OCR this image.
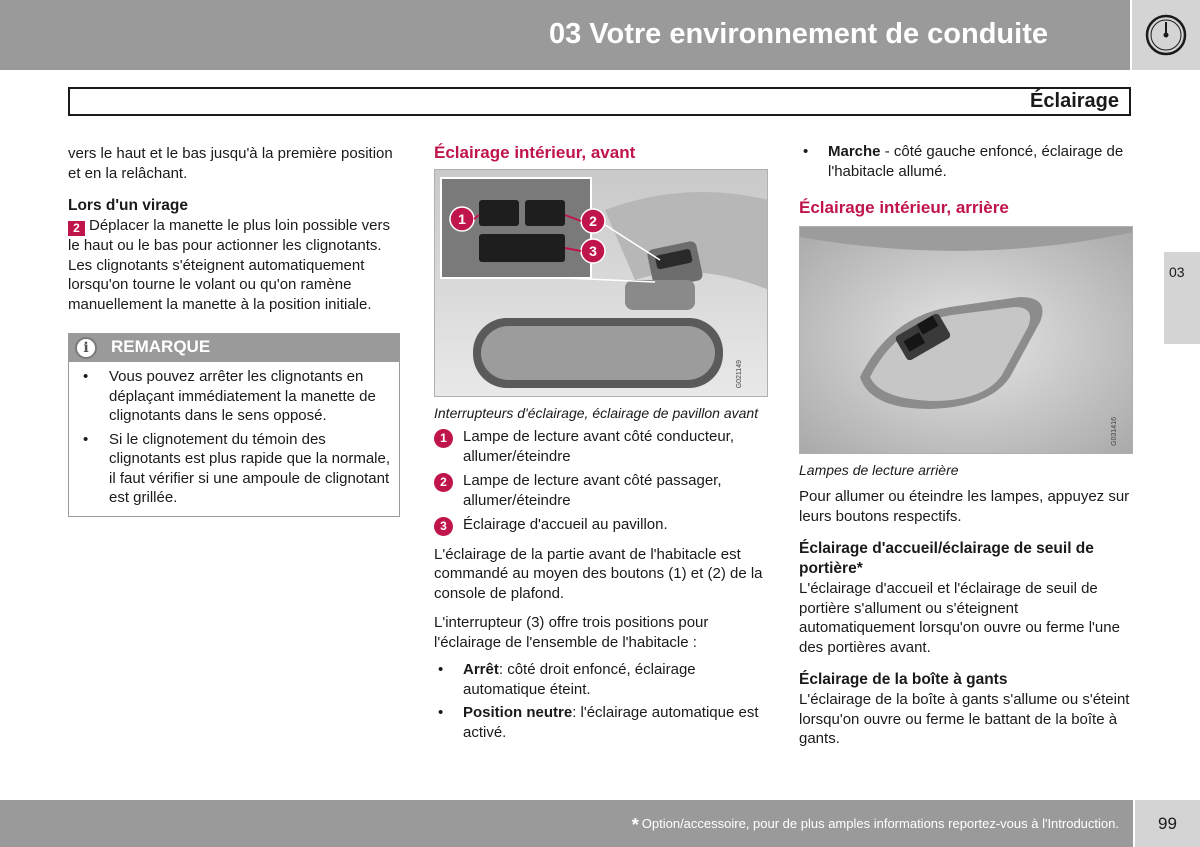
03 Votre environnement de conduite
Éclairage
03

vers le haut et le bas jusqu'à la première position et en la relâchant.

Lors d'un virage

2 Déplacer la manette le plus loin possible vers le haut ou le bas pour actionner les clignotants. Les clignotants s'éteignent automatiquement lorsqu'on tourne le volant ou qu'on ramène manuellement la manette à la position initiale.

i	REMARQUE
• Vous pouvez arrêter les clignotants en déplaçant immédiatement la manette de clignotants dans le sens opposé.
• Si le clignotement du témoin des clignotants est plus rapide que la normale, il faut vérifier si une ampoule de clignotant est grillée.
Éclairage intérieur, avant
1	2
3
G021149

Interrupteurs d'éclairage, éclairage de pavillon avant

1	Lampe de lecture avant côté conducteur, allumer/éteindre
2	Lampe de lecture avant côté passager, allumer/éteindre
3	Éclairage d'accueil au pavillon.

L'éclairage de la partie avant de l'habitacle est commandé au moyen des boutons (1) et (2) de la console de plafond.

L'interrupteur (3) offre trois positions pour l'éclairage de l'ensemble de l'habitacle :

• Arrêt: côté droit enfoncé, éclairage automatique éteint.
• Position neutre: l'éclairage automatique est activé.
• Marche - côté gauche enfoncé, éclairage de l'habitacle allumé.
Éclairage intérieur, arrière
G031416

Lampes de lecture arrière

Pour allumer ou éteindre les lampes, appuyez sur leurs boutons respectifs.

Éclairage d'accueil/éclairage de seuil de portière*

L'éclairage d'accueil et l'éclairage de seuil de portière s'allument ou s'éteignent automatiquement lorsqu'on ouvre ou ferme l'une des portières avant.

Éclairage de la boîte à gants

L'éclairage de la boîte à gants s'allume ou s'éteint lorsqu'on ouvre ou ferme le battant de la boîte à gants.

* Option/accessoire, pour de plus amples informations reportez-vous à l'Introduction.	99
